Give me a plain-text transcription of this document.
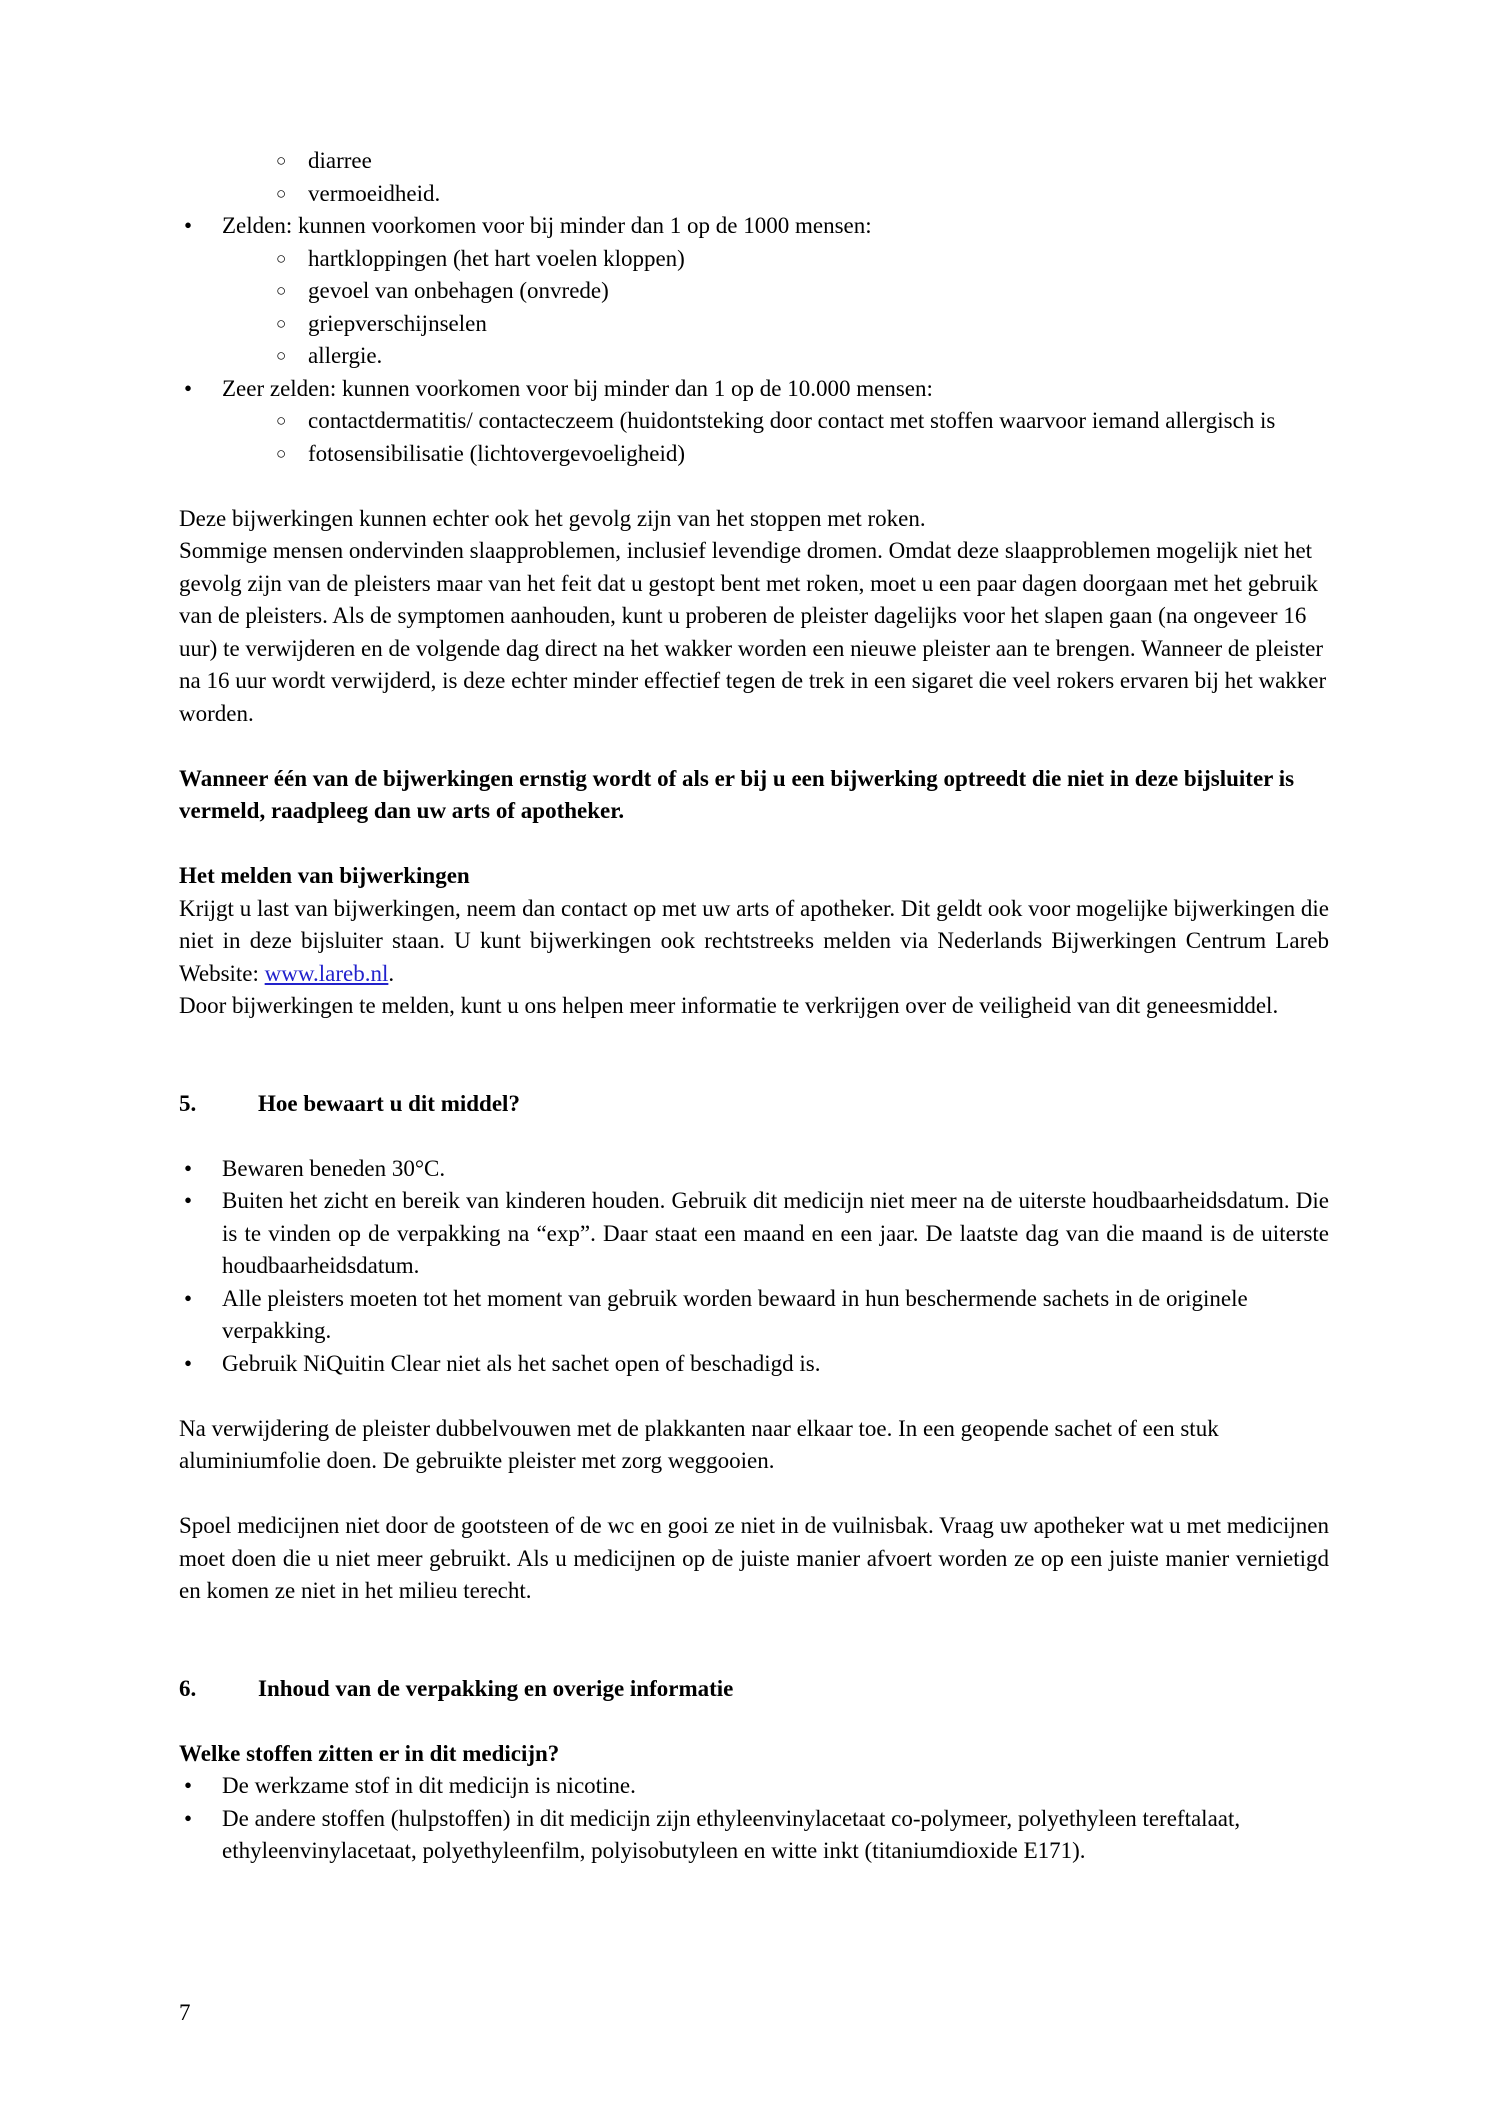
○ diarree
○ vermoeidheid.
• Zelden: kunnen voorkomen voor bij minder dan 1 op de 1000 mensen:
○ hartkloppingen (het hart voelen kloppen)
○ gevoel van onbehagen (onvrede)
○ griepverschijnselen
○ allergie.
• Zeer zelden: kunnen voorkomen voor bij minder dan 1 op de 10.000 mensen:
○ contactdermatitis/ contacteczeem (huidontsteking door contact met stoffen waarvoor iemand allergisch is
○ fotosensibilisatie (lichtovergevoeligheid)

Deze bijwerkingen kunnen echter ook het gevolg zijn van het stoppen met roken.

Sommige mensen ondervinden slaapproblemen, inclusief levendige dromen. Omdat deze slaapproblemen mogelijk niet het gevolg zijn van de pleisters maar van het feit dat u gestopt bent met roken, moet u een paar dagen doorgaan met het gebruik van de pleisters. Als de symptomen aanhouden, kunt u proberen de pleister dagelijks voor het slapen gaan (na ongeveer 16 uur) te verwijderen en de volgende dag direct na het wakker worden een nieuwe pleister aan te brengen. Wanneer de pleister na 16 uur wordt verwijderd, is deze echter minder effectief tegen de trek in een sigaret die veel rokers ervaren bij het wakker worden.

Wanneer één van de bijwerkingen ernstig wordt of als er bij u een bijwerking optreedt die niet in deze bijsluiter is vermeld, raadpleeg dan uw arts of apotheker.

Het melden van bijwerkingen

Krijgt u last van bijwerkingen, neem dan contact op met uw arts of apotheker. Dit geldt ook voor mogelijke bijwerkingen die niet in deze bijsluiter staan. U kunt bijwerkingen ook rechtstreeks melden via Nederlands Bijwerkingen Centrum Lareb Website: www.lareb.nl.

Door bijwerkingen te melden, kunt u ons helpen meer informatie te verkrijgen over de veiligheid van dit geneesmiddel.

5.	Hoe bewaart u dit middel?

• Bewaren beneden 30°C.
• Buiten het zicht en bereik van kinderen houden. Gebruik dit medicijn niet meer na de uiterste houdbaarheidsdatum. Die is te vinden op de verpakking na “exp”. Daar staat een maand en een jaar. De laatste dag van die maand is de uiterste houdbaarheidsdatum.
• Alle pleisters moeten tot het moment van gebruik worden bewaard in hun beschermende sachets in de originele verpakking.
• Gebruik NiQuitin Clear niet als het sachet open of beschadigd is.

Na verwijdering de pleister dubbelvouwen met de plakkanten naar elkaar toe. In een geopende sachet of een stuk aluminiumfolie doen. De gebruikte pleister met zorg weggooien.

Spoel medicijnen niet door de gootsteen of de wc en gooi ze niet in de vuilnisbak. Vraag uw apotheker wat u met medicijnen moet doen die u niet meer gebruikt. Als u medicijnen op de juiste manier afvoert worden ze op een juiste manier vernietigd en komen ze niet in het milieu terecht.

6.	Inhoud van de verpakking en overige informatie

Welke stoffen zitten er in dit medicijn?

• De werkzame stof in dit medicijn is nicotine.
• De andere stoffen (hulpstoffen) in dit medicijn zijn ethyleenvinylacetaat co-polymeer, polyethyleen tereftalaat, ethyleenvinylacetaat, polyethyleenfilm, polyisobutyleen en witte inkt (titaniumdioxide E171).
7
